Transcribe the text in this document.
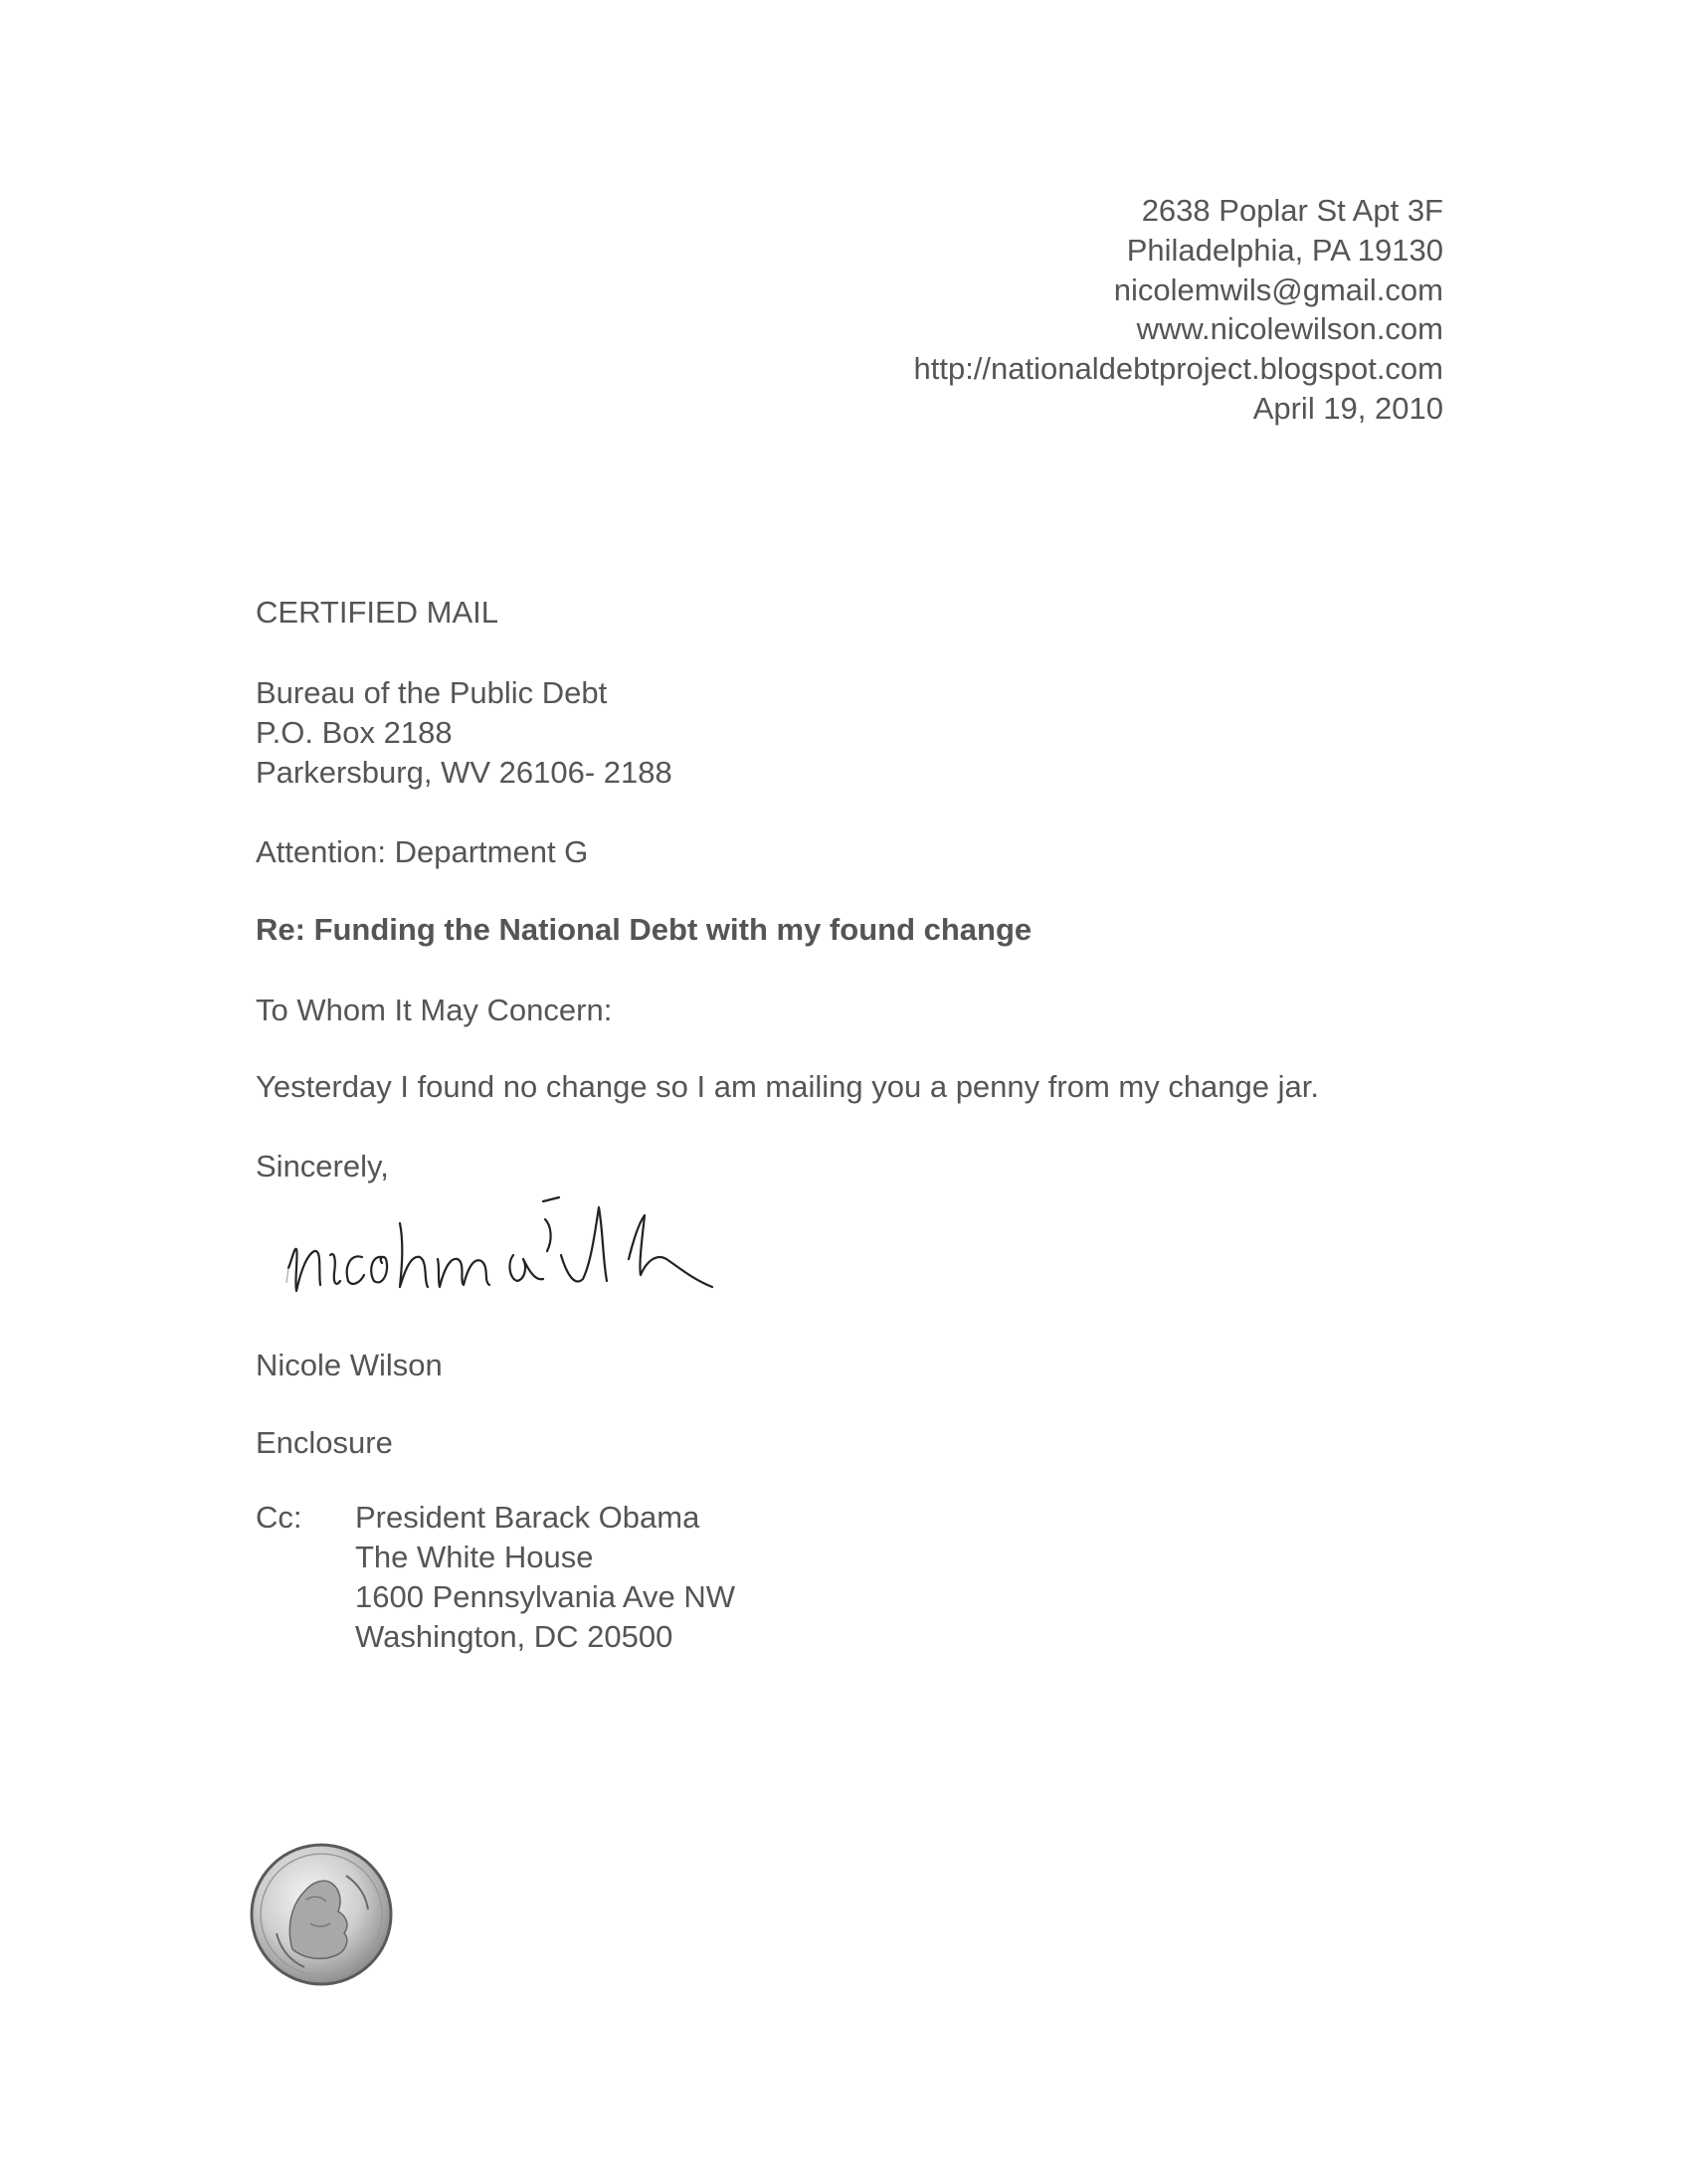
2638 Poplar St Apt 3F
Philadelphia, PA 19130
nicolemwils@gmail.com
www.nicolewilson.com
http://nationaldebtproject.blogspot.com
April 19, 2010
CERTIFIED MAIL
Bureau of the Public Debt
P.O. Box 2188
Parkersburg, WV 26106- 2188
Attention: Department G
Re: Funding the National Debt with my found change
To Whom It May Concern:
Yesterday I found no change so I am mailing you a penny from my change jar.
Sincerely,
Nicole Wilson
Enclosure
Cc: President Barack Obama
The White House
1600 Pennsylvania Ave NW
Washington, DC 20500
